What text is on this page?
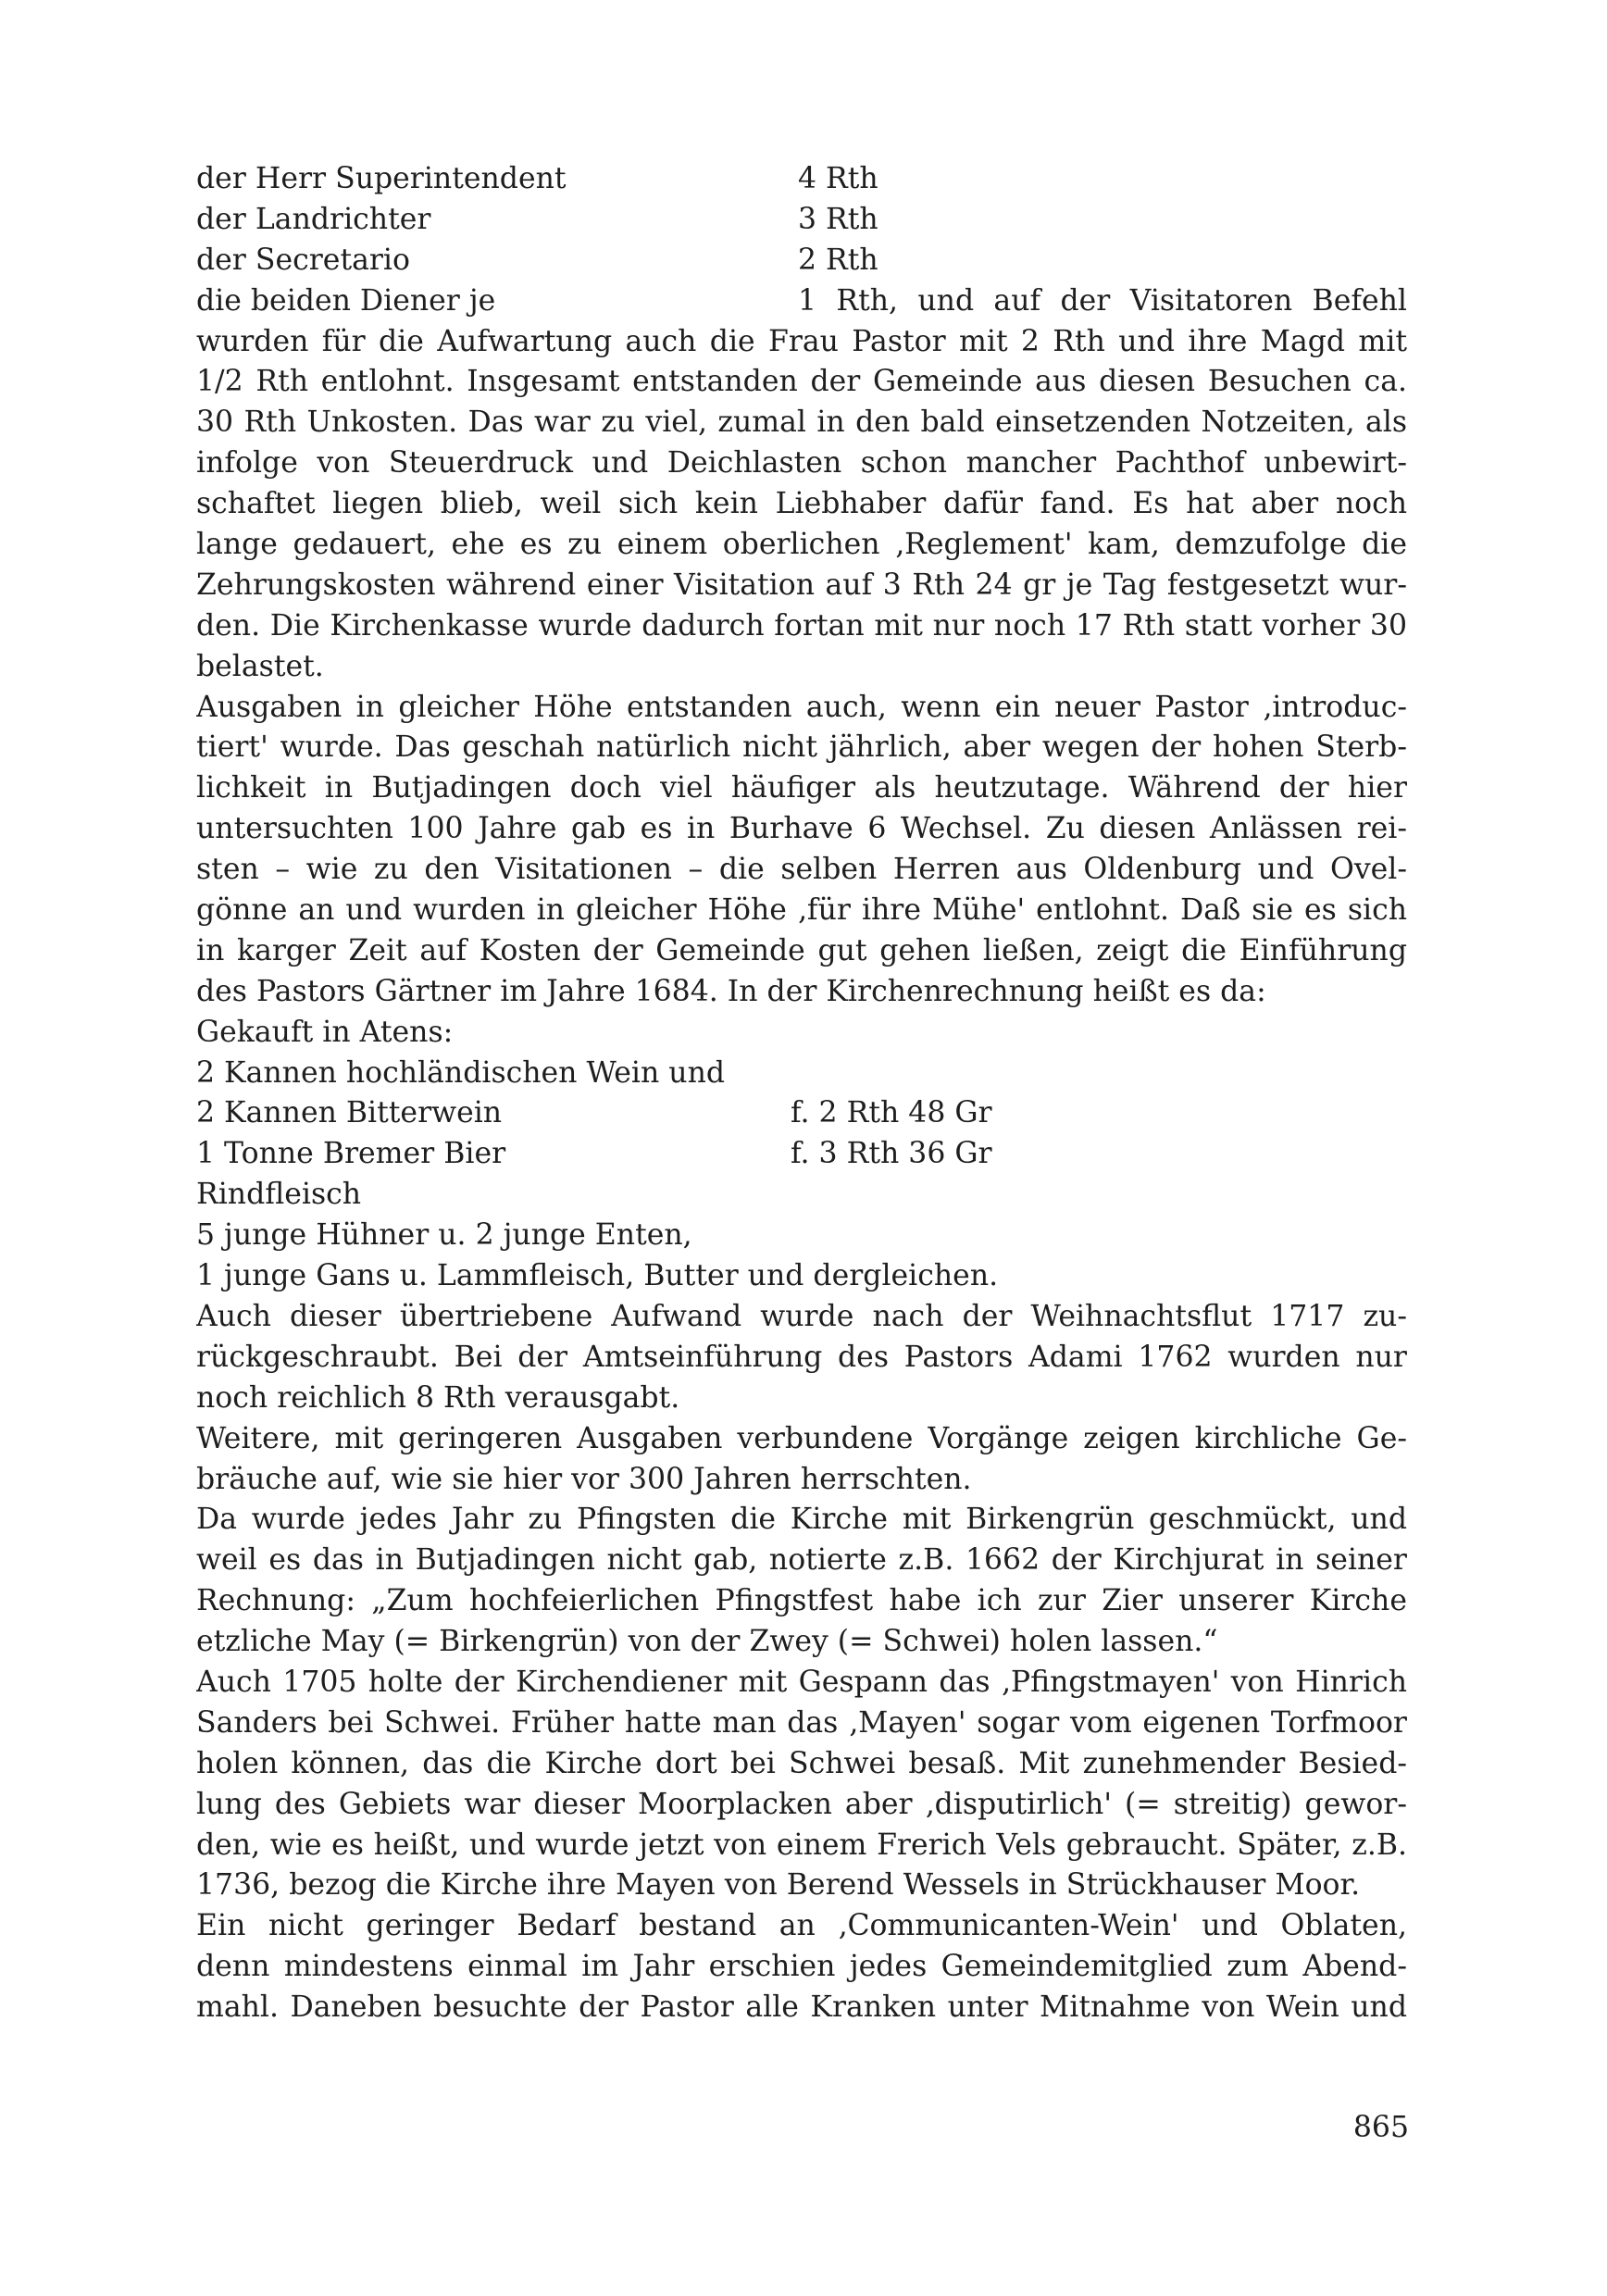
der Herr Superintendent	4 Rth
der Landrichter	3 Rth
der Secretario	2 Rth
die beiden Diener je	1 Rth, und auf der Visitatoren Befehl
wurden für die Aufwartung auch die Frau Pastor mit 2 Rth und ihre Magd mit
1/2 Rth entlohnt. Insgesamt entstanden der Gemeinde aus diesen Besuchen ca.
30 Rth Unkosten. Das war zu viel, zumal in den bald einsetzenden Notzeiten, als
infolge von Steuerdruck und Deichlasten schon mancher Pachthof unbewirt-
schaftet liegen blieb, weil sich kein Liebhaber dafür fand. Es hat aber noch
lange gedauert, ehe es zu einem oberlichen ‚Reglement' kam, demzufolge die
Zehrungskosten während einer Visitation auf 3 Rth 24 gr je Tag festgesetzt wur-
den. Die Kirchenkasse wurde dadurch fortan mit nur noch 17 Rth statt vorher 30
belastet.
Ausgaben in gleicher Höhe entstanden auch, wenn ein neuer Pastor ‚introduc-
tiert' wurde. Das geschah natürlich nicht jährlich, aber wegen der hohen Sterb-
lichkeit in Butjadingen doch viel häufiger als heutzutage. Während der hier
untersuchten 100 Jahre gab es in Burhave 6 Wechsel. Zu diesen Anlässen rei-
sten – wie zu den Visitationen – die selben Herren aus Oldenburg und Ovel-
gönne an und wurden in gleicher Höhe ‚für ihre Mühe' entlohnt. Daß sie es sich
in karger Zeit auf Kosten der Gemeinde gut gehen ließen, zeigt die Einführung
des Pastors Gärtner im Jahre 1684. In der Kirchenrechnung heißt es da:
Gekauft in Atens:
2 Kannen hochländischen Wein und
2 Kannen Bitterwein	f. 2 Rth 48 Gr
1 Tonne Bremer Bier	f. 3 Rth 36 Gr
Rindfleisch
5 junge Hühner u. 2 junge Enten,
1 junge Gans u. Lammfleisch, Butter und dergleichen.
Auch dieser übertriebene Aufwand wurde nach der Weihnachtsflut 1717 zu-
rückgeschraubt. Bei der Amtseinführung des Pastors Adami 1762 wurden nur
noch reichlich 8 Rth verausgabt.
Weitere, mit geringeren Ausgaben verbundene Vorgänge zeigen kirchliche Ge-
bräuche auf, wie sie hier vor 300 Jahren herrschten.
Da wurde jedes Jahr zu Pfingsten die Kirche mit Birkengrün geschmückt, und
weil es das in Butjadingen nicht gab, notierte z.B. 1662 der Kirchjurat in seiner
Rechnung: „Zum hochfeierlichen Pfingstfest habe ich zur Zier unserer Kirche
etzliche May (= Birkengrün) von der Zwey (= Schwei) holen lassen.“
Auch 1705 holte der Kirchendiener mit Gespann das ‚Pfingstmayen' von Hinrich
Sanders bei Schwei. Früher hatte man das ‚Mayen' sogar vom eigenen Torfmoor
holen können, das die Kirche dort bei Schwei besaß. Mit zunehmender Besied-
lung des Gebiets war dieser Moorplacken aber ‚disputirlich' (= streitig) gewor-
den, wie es heißt, und wurde jetzt von einem Frerich Vels gebraucht. Später, z.B.
1736, bezog die Kirche ihre Mayen von Berend Wessels in Strückhauser Moor.
Ein nicht geringer Bedarf bestand an ‚Communicanten-Wein' und Oblaten,
denn mindestens einmal im Jahr erschien jedes Gemeindemitglied zum Abend-
mahl. Daneben besuchte der Pastor alle Kranken unter Mitnahme von Wein und
865
